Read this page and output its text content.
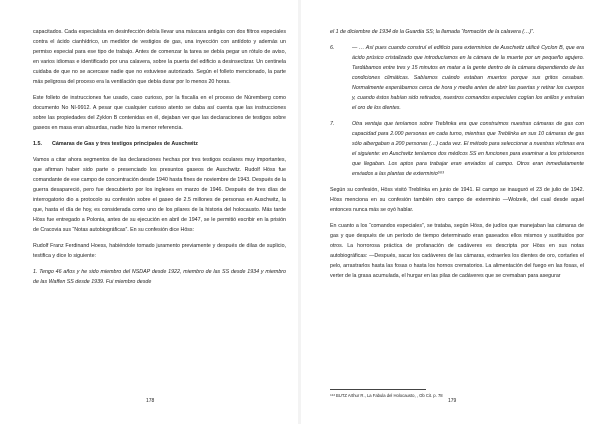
capacitados. Cada especialista en desinfección debía llevar una máscara antigás con dos filtros especiales contra el ácido cianhídrico, un medidor de vestigios de gas, una inyección con antídoto y además un permiso especial para ese tipo de trabajo. Antes de comenzar la tarea se debía pegar un rótulo de aviso, en varios idiomas e identificado por una calavera, sobre la puerta del edificio a desinsectizar. Un centinela cuidaba de que no se acercase nadie que no estuviese autorizado. Según el folleto mencionado, la parte más peligrosa del proceso era la ventilación que debía durar por lo menos 20 horas.

Este folleto de instrucciones fue usado, caso curioso, por la fiscalía en el proceso de Núremberg como documento No NI-9912. A pesar que cualquier curioso atento se daba así cuenta que las instrucciones sobre las propiedades del Zyklon B contenidas en él, dejaban ver que las declaraciones de testigos sobre gaseos en masa eran absurdas, nadie hizo la menor referencia.

1.5. Cámaras de Gas y tres testigos principales de Auschwitz

Vamos a citar ahora segmentos de las declaraciones hechas por tres testigos oculares muy importantes, que afirman haber sido parte o presenciado los presuntos gaseos de Auschwitz. Rudolf Höss fue comandante de ese campo de concentración desde 1940 hasta fines de noviembre de 1943. Después de la guerra desapareció, pero fue descubierto por los ingleses en marzo de 1946. Después de tres días de interrogatorio dio a protocolo su confesión sobre el gaseo de 2.5 millones de personas en Auschwitz, la que, hasta el día de hoy, es considerada como uno de los pilares de la historia del holocausto. Más tarde Höss fue entregado a Polonia, antes de su ejecución en abril de 1947, se le permitió escribir en la prisión de Cracovia sus “Notas autobiográficas”. En su confesión dice Höss:

Rudolf Franz Ferdinand Hoess, habiéndole tomado juramento previamente y después de dilas de suplicio, testifica y dice lo siguiente:

1. Tengo 46 años y he sido miembro del NSDAP desde 1922, miembro de las SS desde 1934 y miembro de las Waffen SS desde 1939. Fui miembro desde

178

el 1 de diciembre de 1934 de la Guardia SS; la llamada “formación de la calavera (…)”.

6.	— … Así pues cuando construí el edificio para exterminios de Auschwitz utilicé Cyclon B, que era ácido prúsico cristalizado que introducíamos en la cámara de la muerte por un pequeño agujero. Tardábamos entre tres y 15 minutos en matar a la gente dentro de la cámara dependiendo de las condiciones climáticas. Sabíamos cuándo estaban muertos porque sus gritos cesaban. Normalmente esperábamos cerca de hora y media antes de abrir las puertas y retirar los cuerpos y, cuando éstos habían sido retirados, nuestros comandos especiales cogían los anillos y extraían el oro de los dientes.

7.	Otra ventaja que teníamos sobre Treblinka era que construimos nuestras cámaras de gas con capacidad para 2.000 personas en cada turno, mientras que Treblinka en sus 10 cámaras de gas sólo albergaban a 200 personas (…) cada vez. El método para seleccionar a nuestras víctimas era el siguiente: en Auschwitz teníamos dos médicos SS en funciones para examinar a los prisioneros que llegaban. Los aptos para trabajar eran enviados al campo. Otros eran inmediatamente enviados a las plantas de exterminio⁶⁶³

Según su confesión, Höss visitó Treblinka en junio de 1941. El campo se inauguró el 23 de julio de 1942. Höss menciona en su confesión también otro campo de exterminio —Wolzeik, del cual desde aquel entonces nunca más se oyó hablar.

En cuanto a los “comandos especiales”, se trataba, según Höss, de judíos que manejaban las cámaras de gas y que después de un período de tiempo determinado eran gaseados ellos mismos y sustituidos por otros. La horrorosa práctica de profanación de cadáveres es descripta por Höss en sus notas autobiográficas: —Después, sacar los cadáveres de las cámaras, extraerles los dientes de oro, cortarles el pelo, arrastrarlos hasta las fosas o hasta los hornos crematorios. La alimentación del fuego en las fosas, el verter de la grasa acumulada, el hurgar en las pilas de cadáveres que se cremaban para asegurar

⁶⁶³ BUTZ Arthur R., La Fabula del Holocausto, , Ob Cit. p. 78
179
